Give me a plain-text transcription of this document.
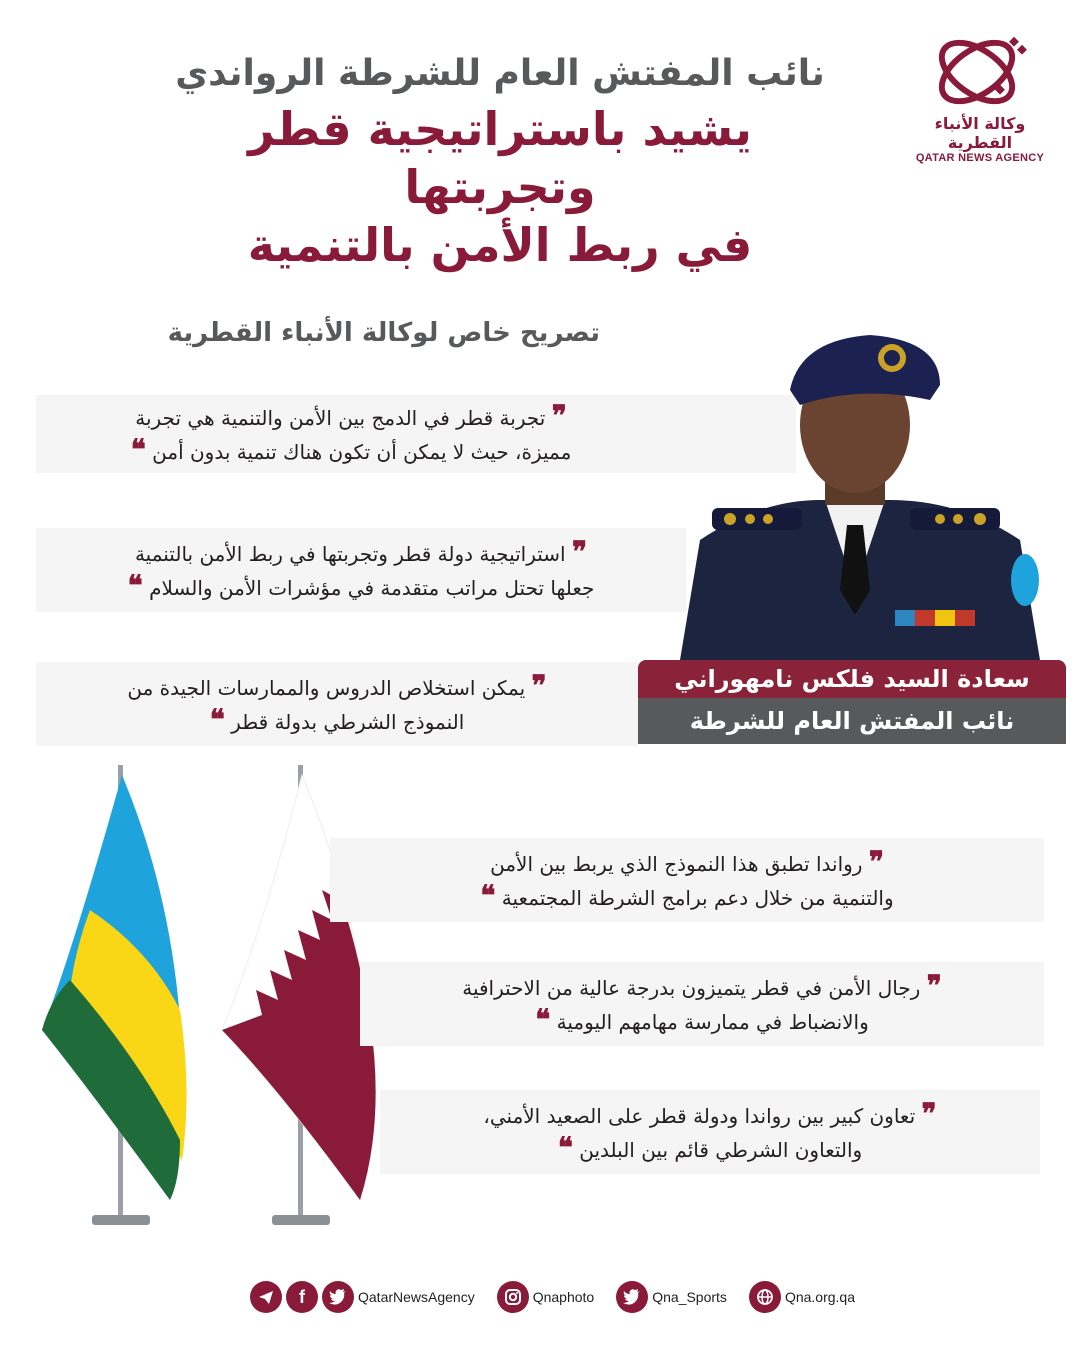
وكالة الأنباء القطرية
QATAR NEWS AGENCY
نائب المفتش العام للشرطة الرواندي
يشيد باستراتيجية قطر وتجربتها
في ربط الأمن بالتنمية
تصريح خاص لوكالة الأنباء القطرية
❞ تجربة قطر في الدمج بين الأمن والتنمية هي تجربة
مميزة، حيث لا يمكن أن تكون هناك تنمية بدون أمن ❝
❞ استراتيجية دولة قطر وتجربتها في ربط الأمن بالتنمية
جعلها تحتل مراتب متقدمة في مؤشرات الأمن والسلام ❝
❞ يمكن استخلاص الدروس والممارسات الجيدة من
النموذج الشرطي بدولة قطر ❝
سعادة السيد فلكس نامهوراني
نائب المفتش العام للشرطة الرواندي
❞ رواندا تطبق هذا النموذج الذي يربط بين الأمن
والتنمية من خلال دعم برامج الشرطة المجتمعية ❝
❞ رجال الأمن في قطر يتميزون بدرجة عالية من الاحترافية
والانضباط في ممارسة مهامهم اليومية ❝
❞ تعاون كبير بين رواندا ودولة قطر على الصعيد الأمني،
والتعاون الشرطي قائم بين البلدين ❝
f	QatarNewsAgency	Qnaphoto	Qna_Sports	Qna.org.qa
